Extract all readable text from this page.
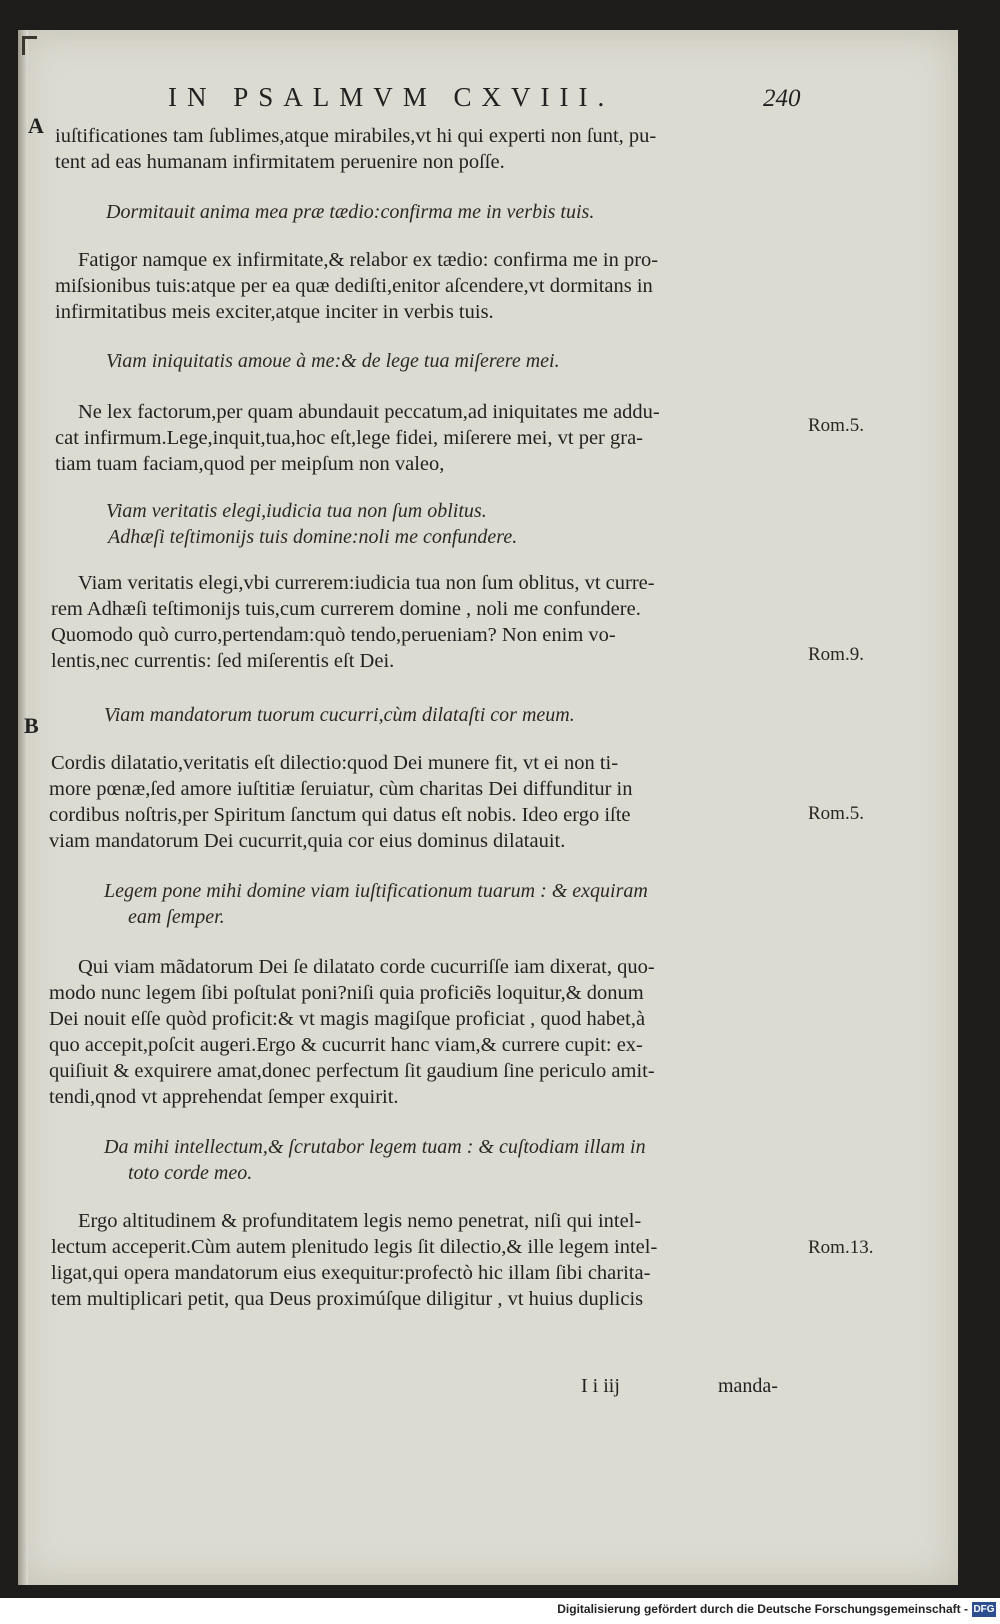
IN PSALMVM CXVIII.	240
A
B
iuſtificationes tam ſublimes,atque mirabiles,vt hi qui experti non ſunt, pu-
tent ad eas humanam infirmitatem peruenire non poſſe.
Dormitauit anima mea præ tædio:confirma me in verbis tuis.
Fatigor namque ex infirmitate,& relabor ex tædio: confirma me in pro-
miſsionibus tuis:atque per ea quæ dediſti,enitor aſcendere,vt dormitans in
infirmitatibus meis exciter,atque inciter in verbis tuis.
Viam iniquitatis amoue à me:& de lege tua miſerere mei.
Ne lex factorum,per quam abundauit peccatum,ad iniquitates me addu-
cat infirmum.Lege,inquit,tua,hoc eſt,lege fidei, miſerere mei, vt per gra-
tiam tuam faciam,quod per meipſum non valeo,
Viam veritatis elegi,iudicia tua non ſum oblitus.
Adhæſi teſtimonijs tuis domine:noli me confundere.
Viam veritatis elegi,vbi currerem:iudicia tua non ſum oblitus, vt curre-
rem Adhæſi teſtimonijs tuis,cum currerem domine , noli me confundere.
Quomodo quò curro,pertendam:quò tendo,perueniam? Non enim vo-
lentis,nec currentis: ſed miſerentis eſt Dei.
Viam mandatorum tuorum cucurri,cùm dilataſti cor meum.
Cordis dilatatio,veritatis eſt dilectio:quod Dei munere fit, vt ei non ti-
more pœnæ,ſed amore iuſtitiæ ſeruiatur, cùm charitas Dei diffunditur in
cordibus noſtris,per Spiritum ſanctum qui datus eſt nobis. Ideo ergo iſte
viam mandatorum Dei cucurrit,quia cor eius dominus dilatauit.
Legem pone mihi domine viam iuſtificationum tuarum : & exquiram
eam ſemper.
Qui viam mãdatorum Dei ſe dilatato corde cucurriſſe iam dixerat, quo-
modo nunc legem ſibi poſtulat poni?niſi quia proficiẽs loquitur,& donum
Dei nouit eſſe quòd proficit:& vt magis magiſque proficiat , quod habet,à
quo accepit,poſcit augeri.Ergo & cucurrit hanc viam,& currere cupit: ex-
quiſiuit & exquirere amat,donec perfectum ſit gaudium ſine periculo amit-
tendi,qnod vt apprehendat ſemper exquirit.
Da mihi intellectum,& ſcrutabor legem tuam : & cuſtodiam illam in
toto corde meo.
Ergo altitudinem & profunditatem legis nemo penetrat, niſi qui intel-
lectum acceperit.Cùm autem plenitudo legis ſit dilectio,& ille legem intel-
ligat,qui opera mandatorum eius exequitur:profectò hic illam ſibi charita-
tem multiplicari petit, qua Deus proximúſque diligitur , vt huius duplicis
Rom.5.
Rom.9.
Rom.5.
Rom.13.
I i iij	manda-
Digitalisierung gefördert durch die Deutsche Forschungsgemeinschaft - DFG
